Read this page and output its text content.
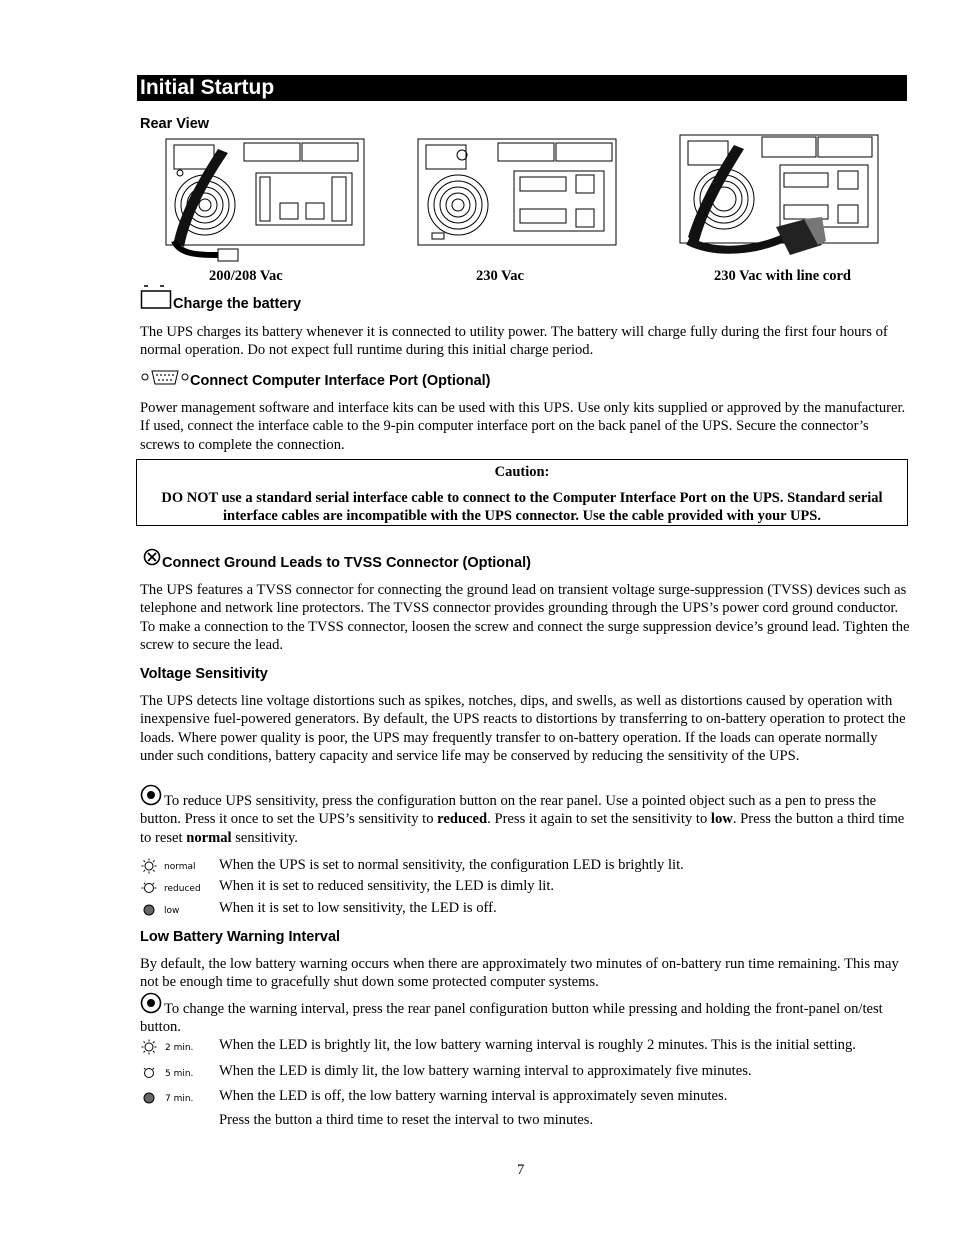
Initial Startup
Rear View
200/208 Vac	230 Vac	230 Vac with line cord
Charge the battery
The UPS charges its battery whenever it is connected to utility power. The battery will charge fully during the first four hours of normal operation. Do not expect full runtime during this initial charge period.
Connect Computer Interface Port (Optional)
Power management software and interface kits can be used with this UPS. Use only kits supplied or approved by the manufacturer. If used, connect the interface cable to the 9-pin computer interface port on the back panel of the UPS. Secure the connector’s screws to complete the connection.
Caution:
DO NOT use a standard serial interface cable to connect to the Computer Interface Port on the UPS. Standard serial interface cables are incompatible with the UPS connector. Use the cable provided with your UPS.
Connect Ground Leads to TVSS Connector (Optional)
The UPS features a TVSS connector for connecting the ground lead on transient voltage surge-suppression (TVSS) devices such as telephone and network line protectors. The TVSS connector provides grounding through the UPS’s power cord ground conductor. To make a connection to the TVSS connector, loosen the screw and connect the surge suppression device’s ground lead. Tighten the screw to secure the lead.
Voltage Sensitivity
The UPS detects line voltage distortions such as spikes, notches, dips, and swells, as well as distortions caused by operation with inexpensive fuel-powered generators. By default, the UPS reacts to distortions by transferring to on-battery operation to protect the loads. Where power quality is poor, the UPS may frequently transfer to on-battery operation. If the loads can operate normally under such conditions, battery capacity and service life may be conserved by reducing the sensitivity of the UPS.
To reduce UPS sensitivity, press the configuration button on the rear panel. Use a pointed object such as a pen to press the button. Press it once to set the UPS’s sensitivity to reduced. Press it again to set the sensitivity to low. Press the button a third time to reset normal sensitivity.
normal When the UPS is set to normal sensitivity, the configuration LED is brightly lit.
reduced When it is set to reduced sensitivity, the LED is dimly lit.
low	When it is set to low sensitivity, the LED is off.
Low Battery Warning Interval
By default, the low battery warning occurs when there are approximately two minutes of on-battery run time remaining. This may not be enough time to gracefully shut down some protected computer systems.
To change the warning interval, press the rear panel configuration button while pressing and holding the front-panel on/test button.
2 min. When the LED is brightly lit, the low battery warning interval is roughly 2 minutes. This is the initial setting.
5 min. When the LED is dimly lit, the low battery warning interval to approximately five minutes.
7 min. When the LED is off, the low battery warning interval is approximately seven minutes.
Press the button a third time to reset the interval to two minutes.
7
